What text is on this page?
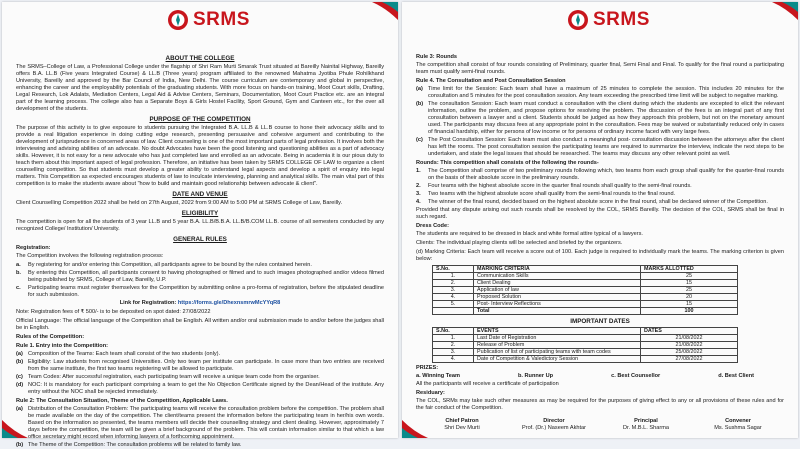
SRMS
ABOUT THE COLLEGE

The SRMS–College of Law, a Professional College under the flagship of Shri Ram Murti Smarak Trust situated at Bareilly Nainital Highway, Bareilly offers B.A. LL.B (Five years Integrated Course) & LL.B (Three years) program affiliated to the renowned Mahatma Jyotiba Phule Rohilkhand University, Bareilly and approved by the Bar Council of India, New Delhi. The course curriculum are contemporary and global in perspective, enhancing the career and the employability potentials of the graduating students. With more focus on hands-on training, Moot Court skills, Drafting, Legal Research, Lok Adalats, Mediation Centers, Legal Aid & Advise Centers, Seminars, Documentation, Moot Court Practice etc. are an integral part of the learning process. The college also has a Separate Boys & Girls Hostel Facility, Sport Ground, Gym and Canteen etc., for the over all development of the students.

PURPOSE OF THE COMPETITION

The purpose of this activity is to give exposure to students pursuing the Integrated B.A. LL.B & LL.B course to hone their advocacy skills and to provide a real litigation experience in doing cutting edge research, presenting persuasive and cohesive argument and contributing to the development of jurisprudence in concerned areas of law. Client counseling is one of the most important parts of legal profession. It involves both the interviewing and advising abilities of an advocate. No doubt Advocates have been the good listening and questioning abilities as a part of advocacy skills. However, it is not easy for a new advocate who has just completed law and enrolled as an advocate. Being in academia it is our pious duty to teach them about this important aspect of legal profession. Therefore, an initiative has been taken by SRMS COLLEGE OF LAW to organize a client counselling competition. So that students must develop a greater ability to understand legal aspects and develop a spirit of enquiry into legal matters. This Competition as expected encourages students of law to inculcate interviewing, planning and analytical skills. The main vital part of this competition is to make the students aware about "how to build and maintain good relationship between advocate & client".

DATE AND VENUE

Client Counselling Competition 2022 shall be held on 27th August, 2022 from 9:00 AM to 5:00 PM at SRMS College of Law, Bareilly.

ELIGIBILITY

The competition is open for all the students of 3 year LL.B and 5 year B.A. LL.B/B.B.A. LL.B/B.COM LL.B. course of all semesters conducted by any recognized College/ Institution/ University.

GENERAL RULES
Registration:

The Competition involves the following registration process:

a.	By registering for and/or entering this Competition, all participants agree to be bound by the rules contained herein.
b.	By entering this Competition, all participants consent to having photographed or filmed and to such images photographed and/or videos filmed being published by SRMS, College of Law, Bareilly, U.P.
c.	Participating teams must register themselves for the Competition by submitting online a pro-forma of registration, before the stipulated deadline for such submission.

Link for Registration: https://forms.gle/DhexnsmrwMcYYqR8

Note: Registration fees of ₹ 500/- is to be deposited on spot dated: 27/08/2022

Official Language: The official language of the Competition shall be English. All written and/or oral submission made to and/or before the judges shall be in English.

Rules of the Competition:
Rule 1. Entry into the Competition:
(a) Composition of the Teams: Each team shall consist of the two students (only).
(b) Eligibility: Law students from recognised Universities. Only two team per institute can participate. In case more than two entries are received from the same institute, the first two teams registering will be allowed to participate.
(c) Team Codes: After successful registration, each participating team will receive a unique team code from the organiser.
(d) NOC: It is mandatory for each participant comprising a team to get the No Objection Certificate signed by the Dean/Head of the institute. Any entry without the NOC shall be rejected immediately.
Rule 2: The Consultation Situation, Theme of the Competition, Applicable Laws.
(a) Distribution of the Consultation Problem: The participating teams will receive the consultation problem before the competition. The problem shall be made available on the day of the competition. The client/teams present the information before the participating team in her/his own words. Based on the information so presented, the teams members will decide their counselling strategy and client dealing. However, approximately 7 days before the competition, the team will be given a brief background of the problem. This will contain information similar to that which a law office secretary might record when informing lawyers of a forthcoming appointment.
(b) The Theme of the Competition: The consultation problems will be related to family law.
SRMS
Rule 3: Rounds

The competition shall consist of four rounds consisting of Preliminary, quarter final, Semi Final and Final. To qualify for the final round a participating team must qualify semi-final rounds.

Rule 4. The Consultation and Post Consultation Session
(a) Time limit for the Session: Each team shall have a maximum of 25 minutes to complete the session. This includes 20 minutes for the consultation and 5 minutes for the post consultation session. Any team exceeding the prescribed time limit will be subject to negative marking.
(b) The consultation Session: Each team must conduct a consultation with the client during which the students are excepted to elicit the relevant information, outline the problem, and propose options for resolving the problem. The discussion of the fees is an integral part of any first consultation between a lawyer and a client. Students should be judged as how they approach this problem, but not on the monetary amount used. The participants may discuss fees at any appropriate point in the consultation. Fees may be waived or substantially reduced only in cases of financial hardship, either for persons of low income or for persons of ordinary income faced with very large fees.
(c) The Post Consultation Session: Each team must also conduct a meaningful post- consultation discussion between the attorneys after the client has left the rooms. The post consultation session the participating teams are required to summarize the interview, indicate the next steps to be undertaken, and state the legal issues that should be researched. The teams may discuss any other relevant point as well.
Rounds: This competition shall consists of the following the rounds-
1.	The Competition shall comprise of two preliminary rounds following which, two teams from each group shall qualify for the quarter-final rounds on the basis of their absolute score in the preliminary rounds.
2.	Four teams with the highest absolute score in the quarter final rounds shall qualify to the semi-final rounds.
3.	Two teams with the highest absolute score shall qualify from the semi-final rounds to the final round.
4.	The winner of the final round, decided based on the highest absolute score in the final round, shall be declared winner of the Competition.

Provided that any dispute arising out such rounds shall be resolved by the COL, SRMS Bareilly. The decision of the COL, SRMS shall be final in such regard.

Dress Code:

The students are required to be dressed in black and white formal attire typical of a lawyers.

Clients: The individual playing clients will be selected and briefed by the organizers.

(d) Marking Criteria: Each team will receive a score out of 100. Each judge is required to individually mark the teams. The marking criterion is given below:

S.No.	MARKING CRITERIA	MARKS ALLOTTED
1.	Communication Skills	25
2.	Client Dealing	15
3.	Application of law	25
4.	Proposed Solution	20
5.	Post- Interview Reflections	15
	Total	100
IMPORTANT DATES
S.No.	EVENTS	DATES
1.	Last Date of Registration	21/08/2022
2.	Release of Problem	21/08/2022
3.	Publication of list of participating teams with team codes	25/08/2022
4.	Date of Competition & Valedictory Session	27/08/2022
PRIZES:
a. Winning Team	b. Runner Up	c. Best Counsellor	d. Best Client

All the participants will receive a certificate of participation

Residuary:

The COL, SRMs may take such other measures as may be required for the purposes of giving effect to any or all provisions of these rules and for the fair conduct of the Competition.

Chief Patron
Shri Dev Murti
Director
Prof. (Dr.) Naseem Akhtar
Principal
Dr. M.B.L. Sharma
Convener
Ms. Sushma Sagar
